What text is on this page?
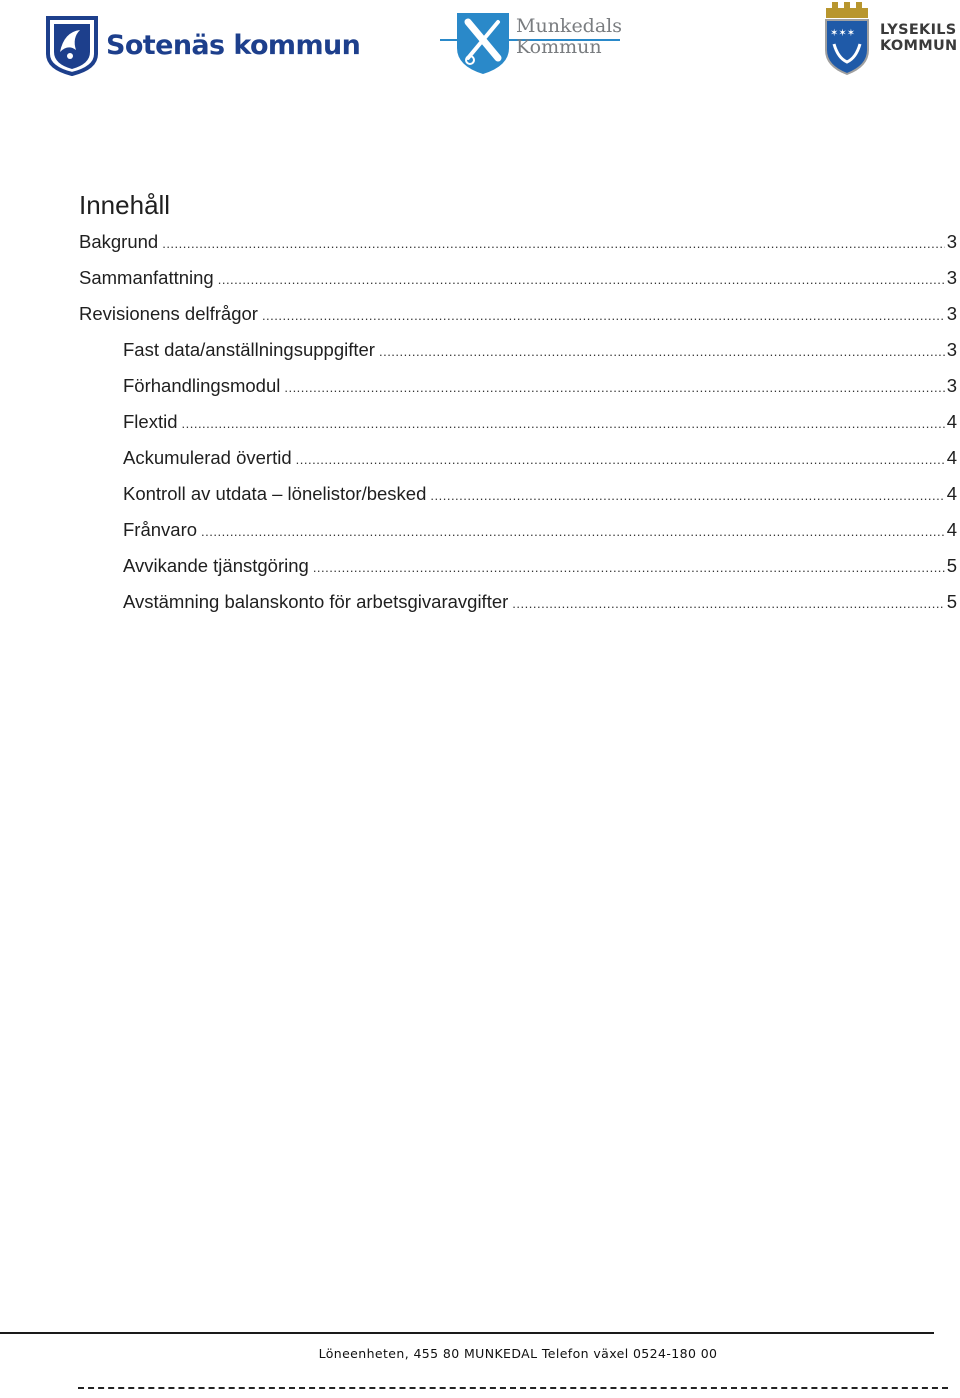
Sotenäs kommun
Munkedals
Kommun
✶✶✶ LYSEKILS
KOMMUN
Innehåll
Bakgrund .....	3
Sammanfattning .....	3
Revisionens delfrågor .....	3
Fast data/anställningsuppgifter .....	3
Förhandlingsmodul .....	3
Flextid .....	4
Ackumulerad övertid .....	4
Kontroll av utdata – lönelistor/besked .....	4
Frånvaro .....	4
Avvikande tjänstgöring .....	5
Avstämning balanskonto för arbetsgivaravgifter .....	5
Löneenheten, 455 80 MUNKEDAL Telefon växel 0524-180 00
